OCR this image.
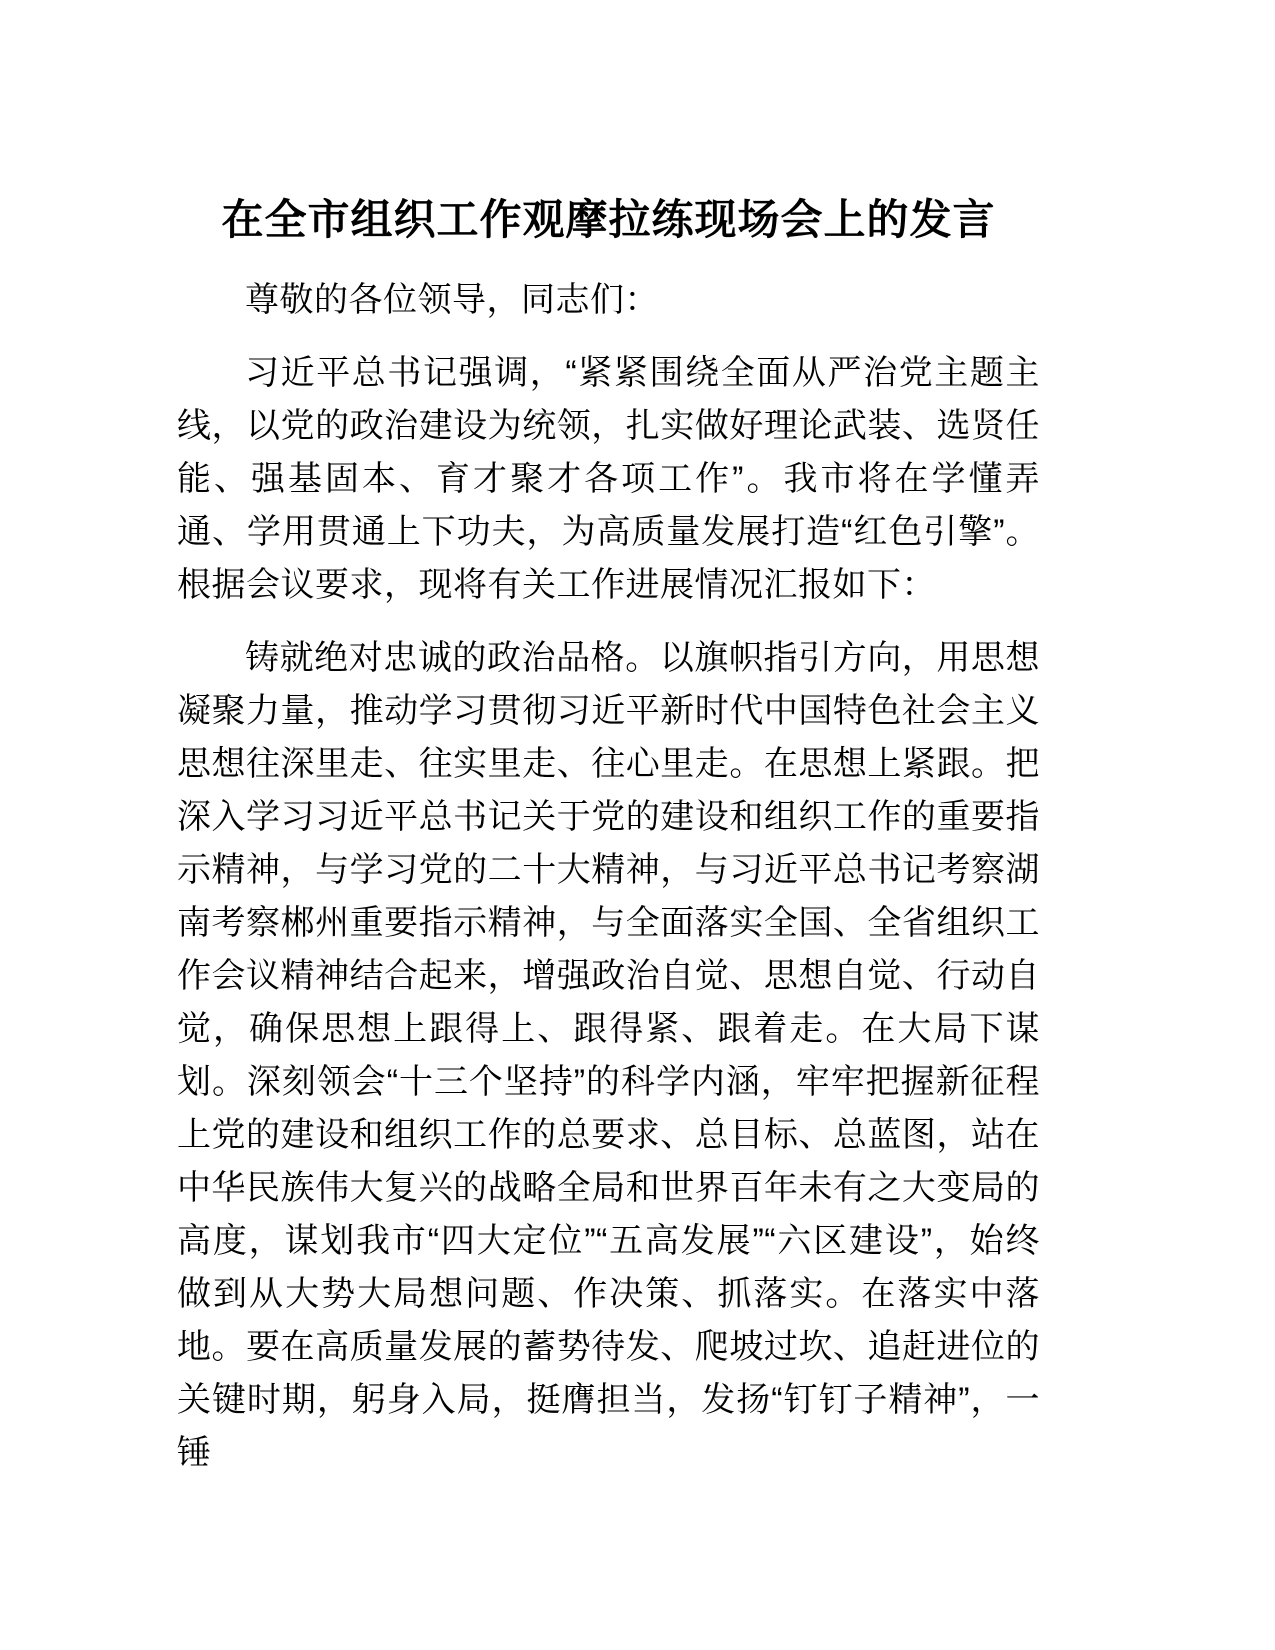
在全市组织工作观摩拉练现场会上的发言

尊敬的各位领导，同志们：

习近平总书记强调，“紧紧围绕全面从严治党主题主线，以党的政治建设为统领，扎实做好理论武装、选贤任能、强基固本、育才聚才各项工作”。我市将在学懂弄通、学用贯通上下功夫，为高质量发展打造“红色引擎”。根据会议要求，现将有关工作进展情况汇报如下：

铸就绝对忠诚的政治品格。以旗帜指引方向，用思想凝聚力量，推动学习贯彻习近平新时代中国特色社会主义思想往深里走、往实里走、往心里走。在思想上紧跟。把深入学习习近平总书记关于党的建设和组织工作的重要指示精神，与学习党的二十大精神，与习近平总书记考察湖南考察郴州重要指示精神，与全面落实全国、全省组织工作会议精神结合起来，增强政治自觉、思想自觉、行动自觉，确保思想上跟得上、跟得紧、跟着走。在大局下谋划。深刻领会“十三个坚持”的科学内涵，牢牢把握新征程上党的建设和组织工作的总要求、总目标、总蓝图，站在中华民族伟大复兴的战略全局和世界百年未有之大变局的高度，谋划我市“四大定位”“五高发展”“六区建设”，始终做到从大势大局想问题、作决策、抓落实。在落实中落地。要在高质量发展的蓄势待发、爬坡过坎、追赶进位的关键时期，躬身入局，挺膺担当，发扬“钉钉子精神”，一锤
